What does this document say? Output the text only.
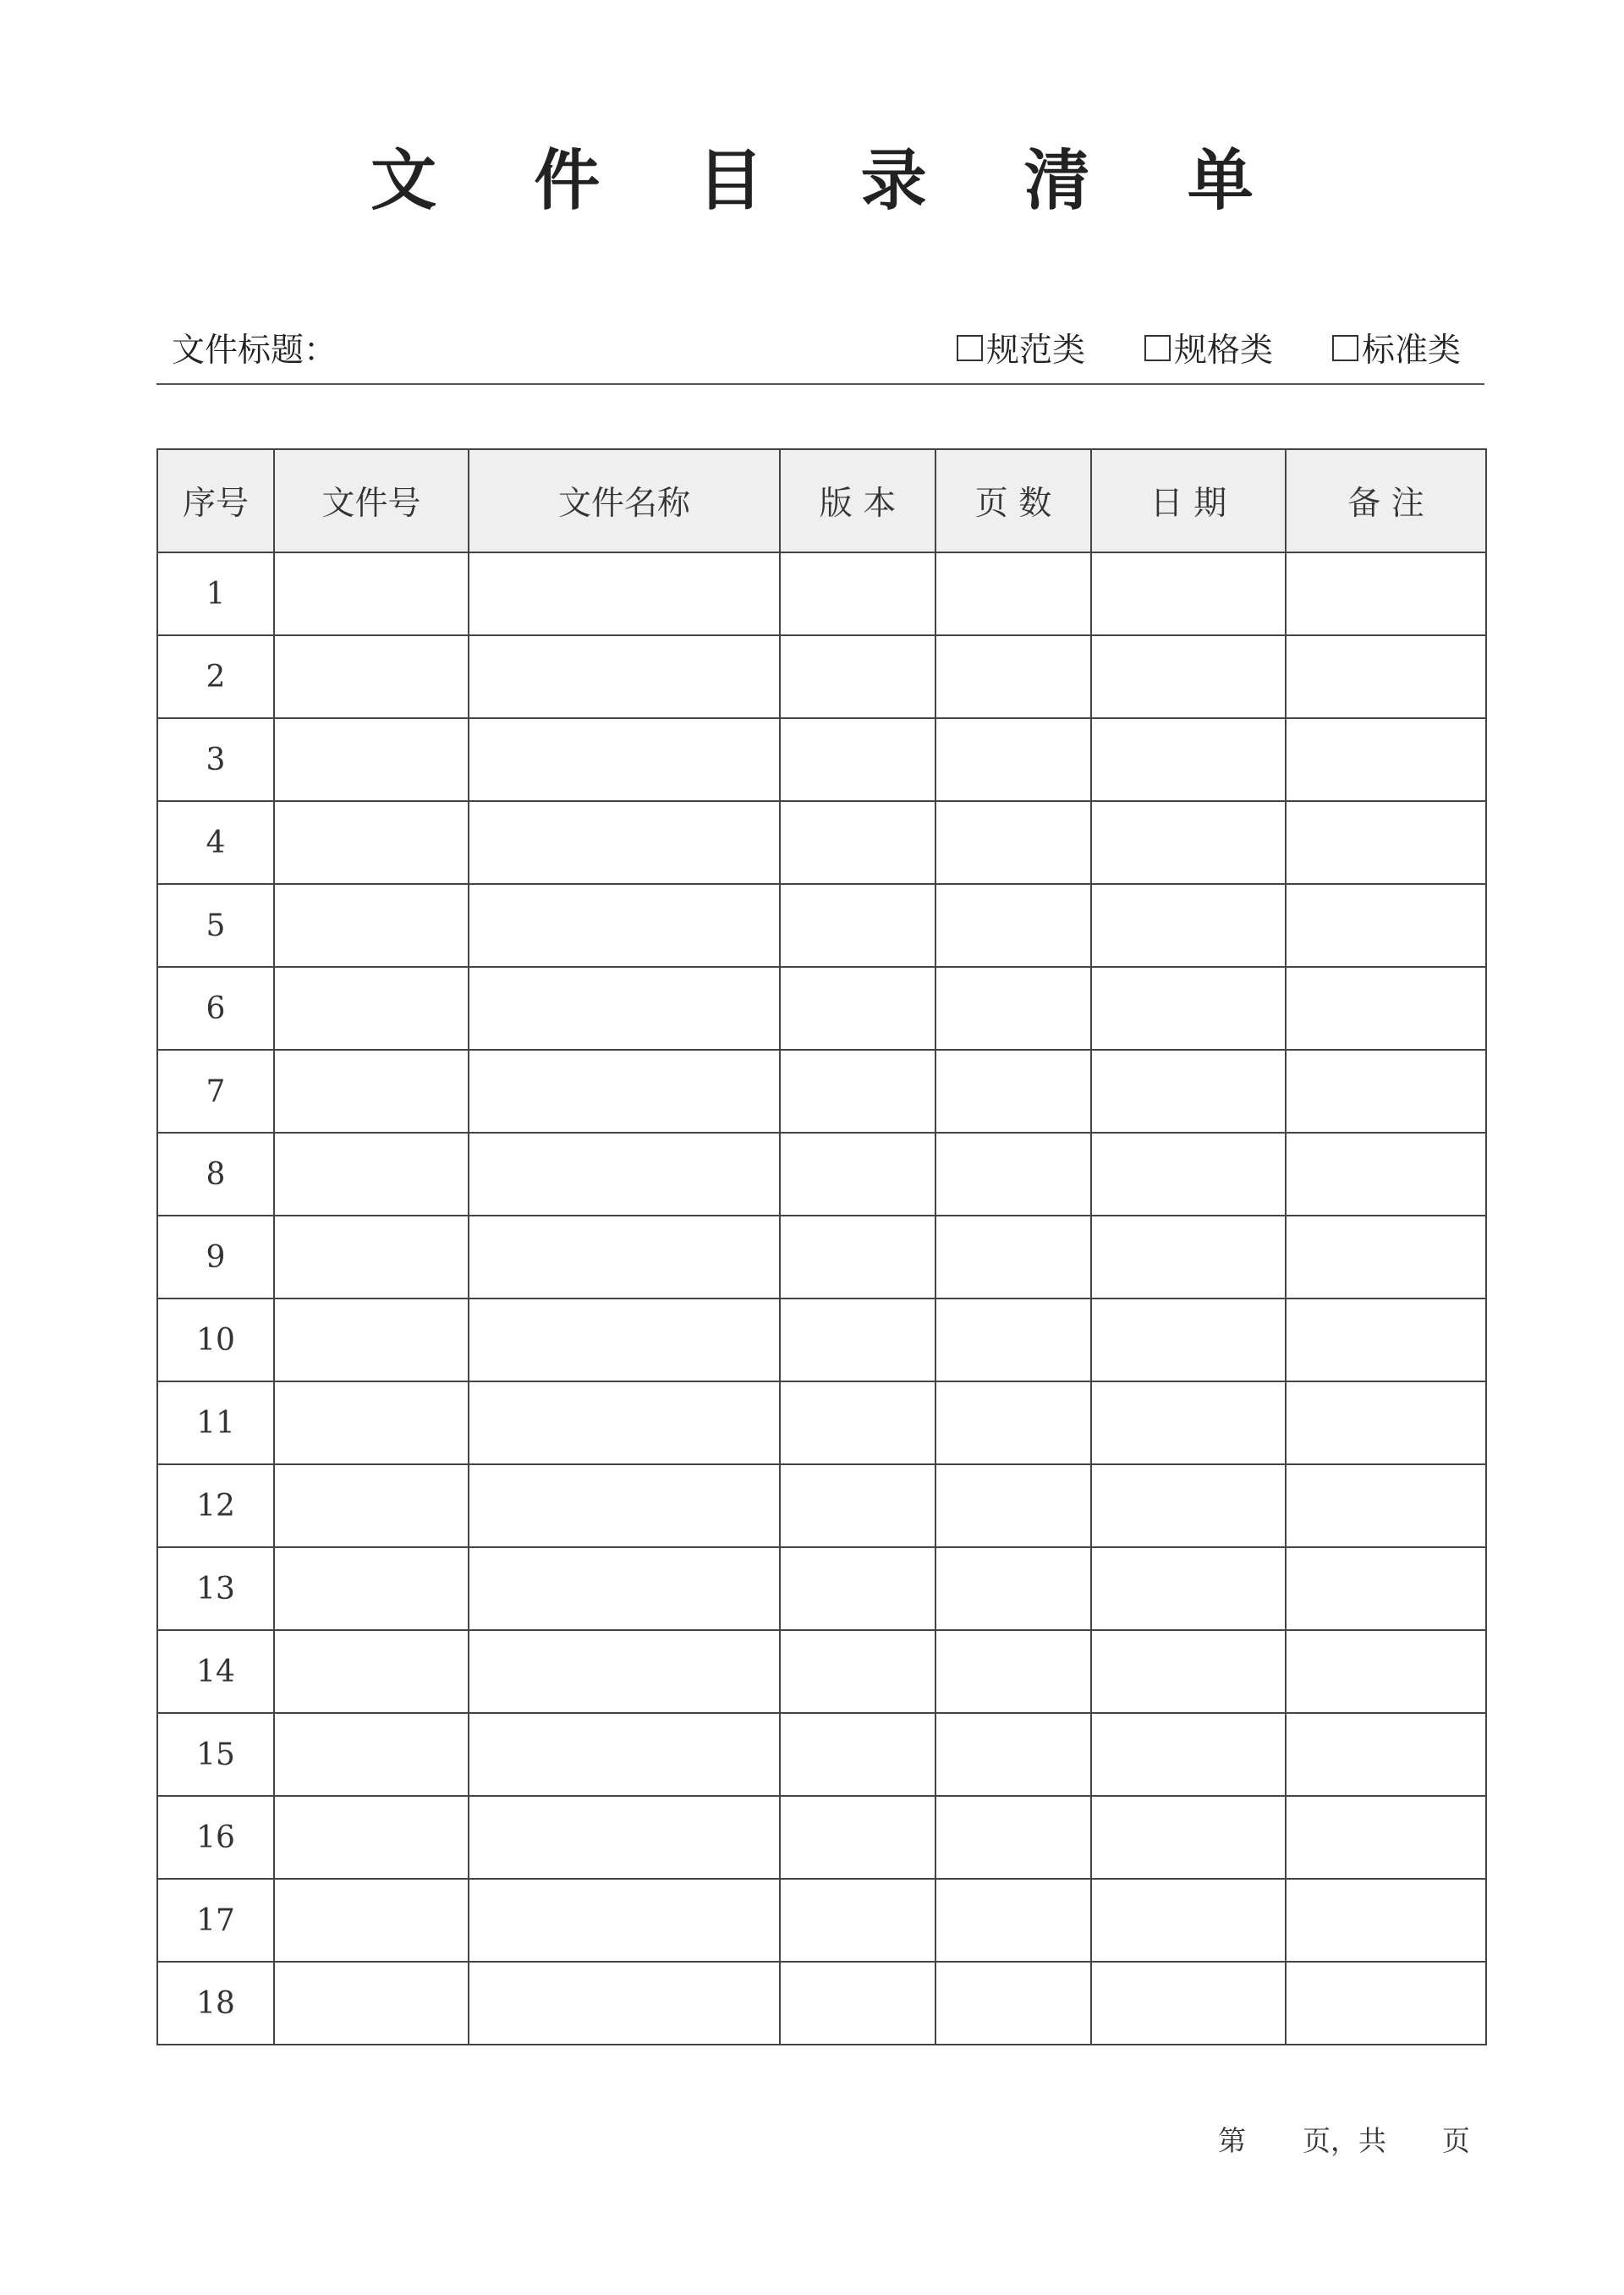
文 件 目 录 清 单
文件标题：	规范类	规格类	标准类
序号	文件号	文件名称	版 本	页 数	日 期	备 注
1						
2						
3						
4						
5						
6						
7						
8						
9						
10						
11						
12						
13						
14						
15						
16						
17						
18						
第 页，共 页
